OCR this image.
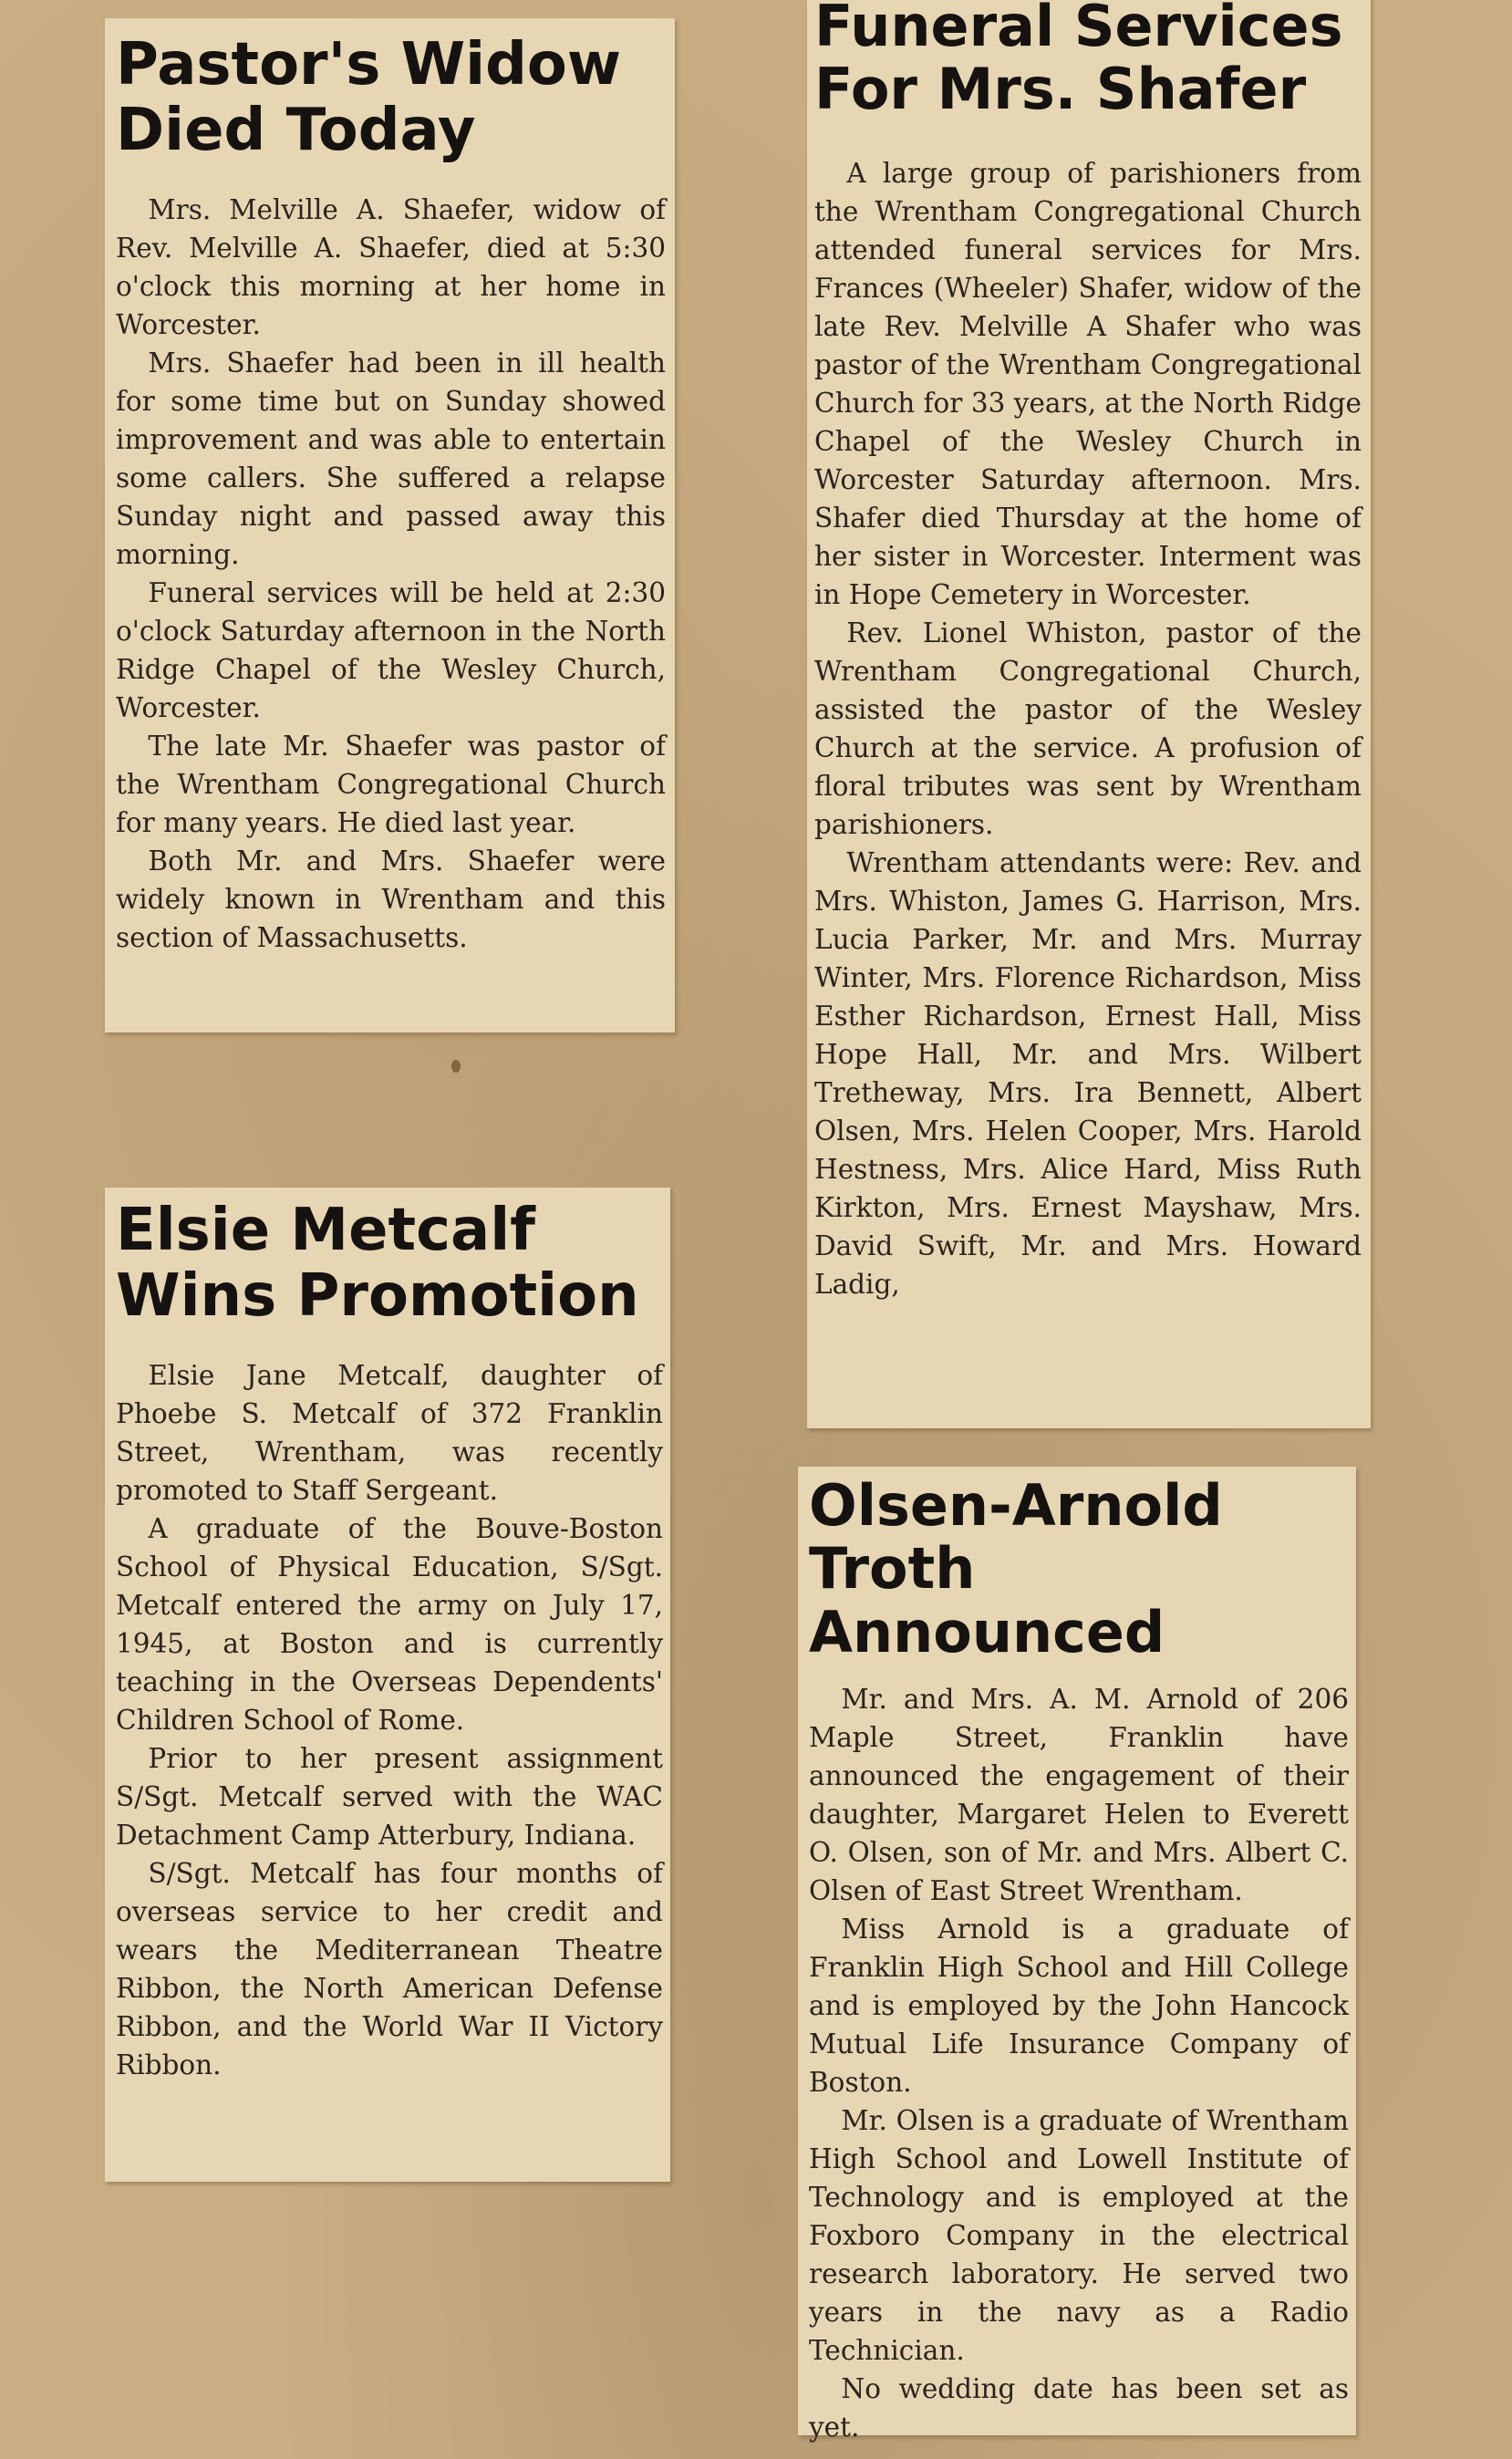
Pastor's Widow
Died Today

Mrs. Melville A. Shaefer, widow of Rev. Melville A. Shaefer, died at 5:30 o'clock this morning at her home in Worcester.

Mrs. Shaefer had been in ill health for some time but on Sunday showed improvement and was able to entertain some callers. She suffered a relapse Sunday night and passed away this morning.

Funeral services will be held at 2:30 o'clock Saturday afternoon in the North Ridge Chapel of the Wesley Church, Worcester.

The late Mr. Shaefer was pastor of the Wrentham Congregational Church for many years. He died last year.

Both Mr. and Mrs. Shaefer were widely known in Wrentham and this section of Massachusetts.

Funeral Services
For Mrs. Shafer

A large group of parishioners from the Wrentham Congregational Church attended funeral services for Mrs. Frances (Wheeler) Shafer, widow of the late Rev. Melville A Shafer who was pastor of the Wrentham Congregational Church for 33 years, at the North Ridge Chapel of the Wesley Church in Worcester Saturday afternoon. Mrs. Shafer died Thursday at the home of her sister in Worcester. Interment was in Hope Cemetery in Worcester.

Rev. Lionel Whiston, pastor of the Wrentham Congregational Church, assisted the pastor of the Wesley Church at the service. A profusion of floral tributes was sent by Wrentham parishioners.

Wrentham attendants were: Rev. and Mrs. Whiston, James G. Harrison, Mrs. Lucia Parker, Mr. and Mrs. Murray Winter, Mrs. Florence Richardson, Miss Esther Richardson, Ernest Hall, Miss Hope Hall, Mr. and Mrs. Wilbert Tretheway, Mrs. Ira Bennett, Albert Olsen, Mrs. Helen Cooper, Mrs. Harold Hestness, Mrs. Alice Hard, Miss Ruth Kirkton, Mrs. Ernest Mayshaw, Mrs. David Swift, Mr. and Mrs. Howard Ladig,

Elsie Metcalf
Wins Promotion

Elsie Jane Metcalf, daughter of Phoebe S. Metcalf of 372 Franklin Street, Wrentham, was recently promoted to Staff Sergeant.

A graduate of the Bouve-Boston School of Physical Education, S/Sgt. Metcalf entered the army on July 17, 1945, at Boston and is currently teaching in the Overseas Dependents' Children School of Rome.

Prior to her present assignment S/Sgt. Metcalf served with the WAC Detachment Camp Atterbury, Indiana.

S/Sgt. Metcalf has four months of overseas service to her credit and wears the Mediterranean Theatre Ribbon, the North American Defense Ribbon, and the World War II Victory Ribbon.

Olsen-Arnold
Troth Announced

Mr. and Mrs. A. M. Arnold of 206 Maple Street, Franklin have announced the engagement of their daughter, Margaret Helen to Everett O. Olsen, son of Mr. and Mrs. Albert C. Olsen of East Street Wrentham.

Miss Arnold is a graduate of Franklin High School and Hill College and is employed by the John Hancock Mutual Life Insurance Company of Boston.

Mr. Olsen is a graduate of Wrentham High School and Lowell Institute of Technology and is employed at the Foxboro Company in the electrical research laboratory. He served two years in the navy as a Radio Technician.

No wedding date has been set as yet.
